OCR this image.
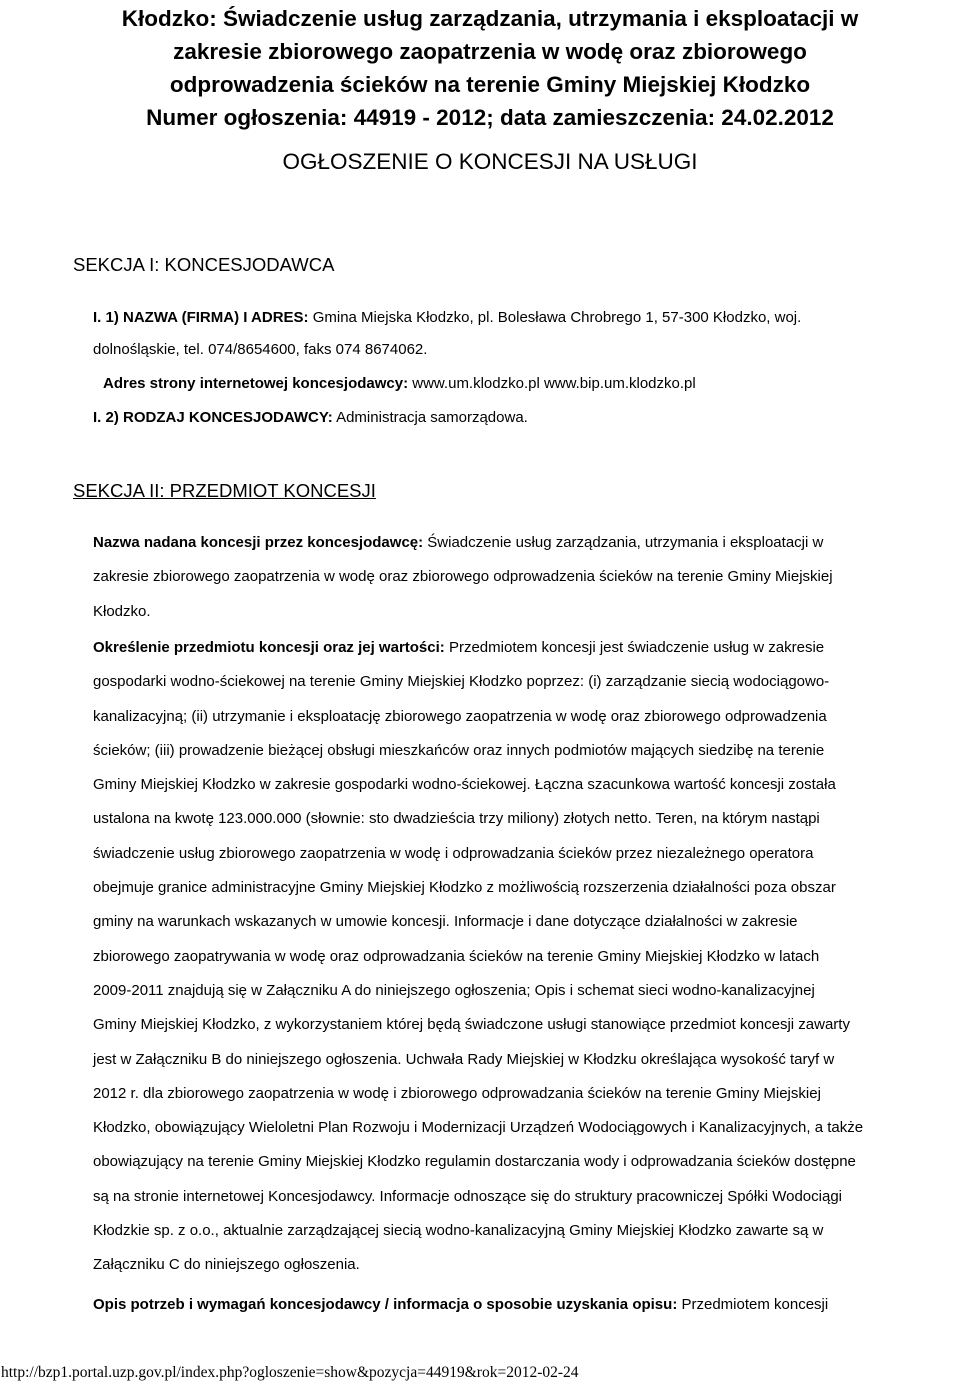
Kłodzko: Świadczenie usług zarządzania, utrzymania i eksploatacji w
zakresie zbiorowego zaopatrzenia w wodę oraz zbiorowego
odprowadzenia ścieków na terenie Gminy Miejskiej Kłodzko
Numer ogłoszenia: 44919 - 2012; data zamieszczenia: 24.02.2012
OGŁOSZENIE O KONCESJI NA USŁUGI
SEKCJA I: KONCESJODAWCA
I. 1) NAZWA (FIRMA) I ADRES: Gmina Miejska Kłodzko, pl. Bolesława Chrobrego 1, 57-300 Kłodzko, woj.
dolnośląskie, tel. 074/8654600, faks 074 8674062.
Adres strony internetowej koncesjodawcy: www.um.klodzko.pl www.bip.um.klodzko.pl
I. 2) RODZAJ KONCESJODAWCY: Administracja samorządowa.
SEKCJA II: PRZEDMIOT KONCESJI
Nazwa nadana koncesji przez koncesjodawcę: Świadczenie usług zarządzania, utrzymania i eksploatacji w
zakresie zbiorowego zaopatrzenia w wodę oraz zbiorowego odprowadzenia ścieków na terenie Gminy Miejskiej
Kłodzko.
Określenie przedmiotu koncesji oraz jej wartości: Przedmiotem koncesji jest świadczenie usług w zakresie
gospodarki wodno-ściekowej na terenie Gminy Miejskiej Kłodzko poprzez: (i) zarządzanie siecią wodociągowo-
kanalizacyjną; (ii) utrzymanie i eksploatację zbiorowego zaopatrzenia w wodę oraz zbiorowego odprowadzenia
ścieków; (iii) prowadzenie bieżącej obsługi mieszkańców oraz innych podmiotów mających siedzibę na terenie
Gminy Miejskiej Kłodzko w zakresie gospodarki wodno-ściekowej. Łączna szacunkowa wartość koncesji została
ustalona na kwotę 123.000.000 (słownie: sto dwadzieścia trzy miliony) złotych netto. Teren, na którym nastąpi
świadczenie usług zbiorowego zaopatrzenia w wodę i odprowadzania ścieków przez niezależnego operatora
obejmuje granice administracyjne Gminy Miejskiej Kłodzko z możliwością rozszerzenia działalności poza obszar
gminy na warunkach wskazanych w umowie koncesji. Informacje i dane dotyczące działalności w zakresie
zbiorowego zaopatrywania w wodę oraz odprowadzania ścieków na terenie Gminy Miejskiej Kłodzko w latach
2009-2011 znajdują się w Załączniku A do niniejszego ogłoszenia; Opis i schemat sieci wodno-kanalizacyjnej
Gminy Miejskiej Kłodzko, z wykorzystaniem której będą świadczone usługi stanowiące przedmiot koncesji zawarty
jest w Załączniku B do niniejszego ogłoszenia. Uchwała Rady Miejskiej w Kłodzku określająca wysokość taryf w
2012 r. dla zbiorowego zaopatrzenia w wodę i zbiorowego odprowadzania ścieków na terenie Gminy Miejskiej
Kłodzko, obowiązujący Wieloletni Plan Rozwoju i Modernizacji Urządzeń Wodociągowych i Kanalizacyjnych, a także
obowiązujący na terenie Gminy Miejskiej Kłodzko regulamin dostarczania wody i odprowadzania ścieków dostępne
są na stronie internetowej Koncesjodawcy. Informacje odnoszące się do struktury pracowniczej Spółki Wodociągi
Kłodzkie sp. z o.o., aktualnie zarządzającej siecią wodno-kanalizacyjną Gminy Miejskiej Kłodzko zawarte są w
Załączniku C do niniejszego ogłoszenia.
Opis potrzeb i wymagań koncesjodawcy / informacja o sposobie uzyskania opisu: Przedmiotem koncesji
http://bzp1.portal.uzp.gov.pl/index.php?ogloszenie=show&pozycja=44919&rok=2012-02-24
